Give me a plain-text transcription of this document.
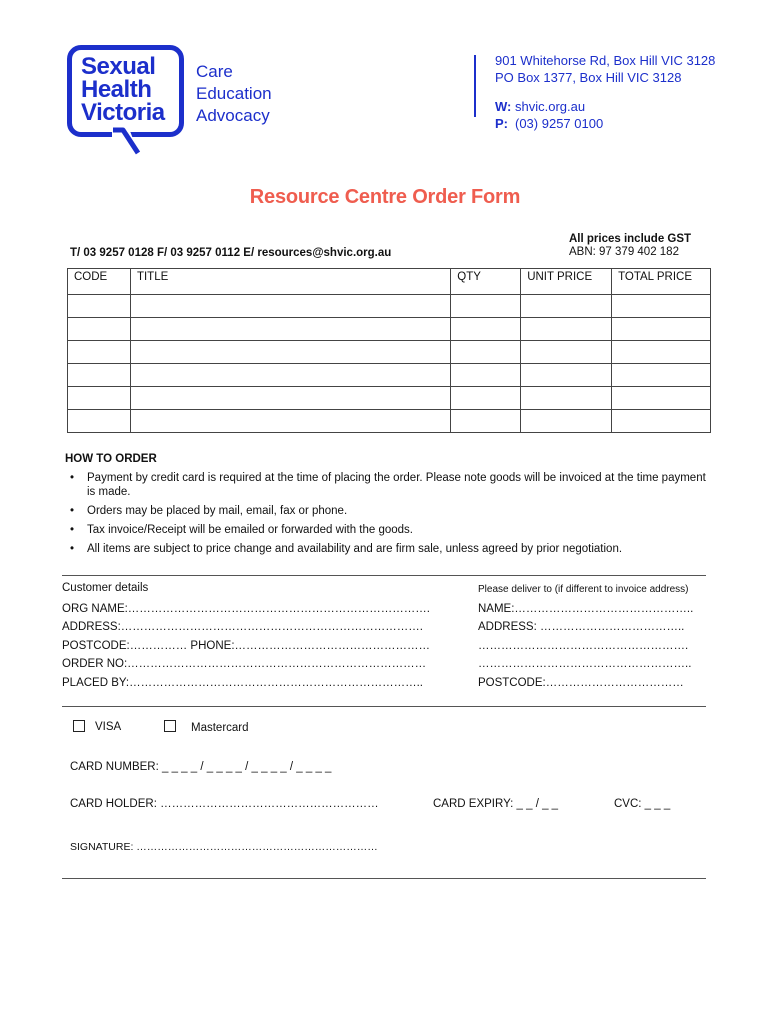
Sexual
Health
Victoria
Care
Education
Advocacy
901 Whitehorse Rd, Box Hill VIC 3128
PO Box 1377, Box Hill VIC 3128
W: shvic.org.au
P: (03) 9257 0100
Resource Centre Order Form
All prices include GST
ABN: 97 379 402 182
T/ 03 9257 0128 F/ 03 9257 0112 E/ resources@shvic.org.au
CODE	TITLE	QTY	UNIT PRICE	TOTAL PRICE

HOW TO ORDER
• Payment by credit card is required at the time of placing the order. Please note goods will be invoiced at the time payment is made.
• Orders may be placed by mail, email, fax or phone.
• Tax invoice/Receipt will be emailed or forwarded with the goods.
• All items are subject to price change and availability and are firm sale, unless agreed by prior negotiation.
Customer details	Please deliver to (if different to invoice address)
ORG NAME:…………………………………………………………………….	NAME:………………………………………..
ADDRESS:…………………………………………………………………….	ADDRESS: ………………………………..
POSTCODE:…………… PHONE:……………………………………………	……………………………………………….
ORDER NO:……………………………………………………………………	………………………………………………..
PLACED BY:…………………………………………………………………..	POSTCODE:………………………………
VISA	Mastercard
CARD NUMBER: _ _ _ _ / _ _ _ _ / _ _ _ _ / _ _ _ _
CARD HOLDER: …………………………………………………	CARD EXPIRY: _ _ / _ _	CVC: _ _ _
SIGNATURE: ……………………………………………………………
